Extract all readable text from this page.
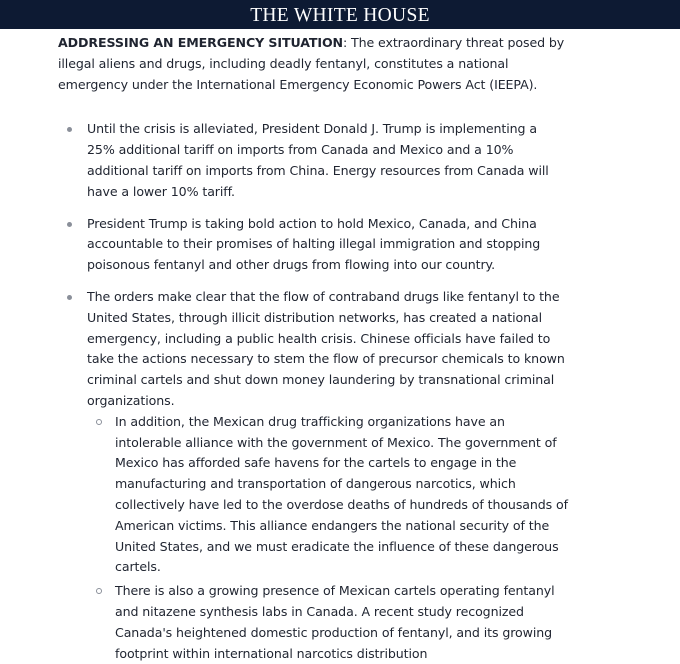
THE WHITE HOUSE

ADDRESSING AN EMERGENCY SITUATION: The extraordinary threat posed by illegal aliens and drugs, including deadly fentanyl, constitutes a national emergency under the International Emergency Economic Powers Act (IEEPA).

Until the crisis is alleviated, President Donald J. Trump is implementing a 25% additional tariff on imports from Canada and Mexico and a 10% additional tariff on imports from China. Energy resources from Canada will have a lower 10% tariff.
President Trump is taking bold action to hold Mexico, Canada, and China accountable to their promises of halting illegal immigration and stopping poisonous fentanyl and other drugs from flowing into our country.
The orders make clear that the flow of contraband drugs like fentanyl to the United States, through illicit distribution networks, has created a national emergency, including a public health crisis. Chinese officials have failed to take the actions necessary to stem the flow of precursor chemicals to known criminal cartels and shut down money laundering by transnational criminal organizations.
In addition, the Mexican drug trafficking organizations have an intolerable alliance with the government of Mexico. The government of Mexico has afforded safe havens for the cartels to engage in the manufacturing and transportation of dangerous narcotics, which collectively have led to the overdose deaths of hundreds of thousands of American victims. This alliance endangers the national security of the United States, and we must eradicate the influence of these dangerous cartels.
There is also a growing presence of Mexican cartels operating fentanyl and nitazene synthesis labs in Canada. A recent study recognized Canada's heightened domestic production of fentanyl, and its growing footprint within international narcotics distribution
